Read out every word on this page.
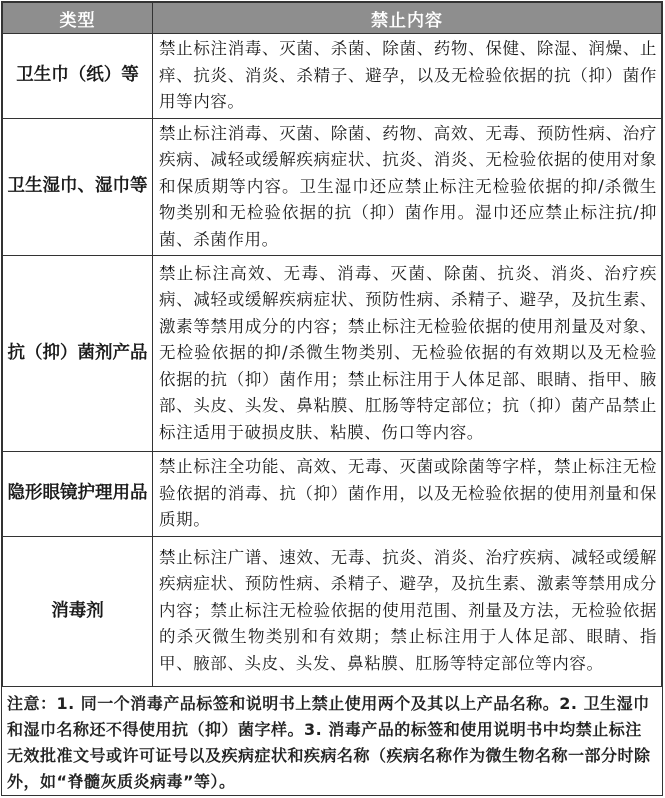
类型	禁止内容
卫生巾（纸）等	禁止标注消毒、灭菌、杀菌、除菌、药物、保健、除湿、润燥、止痒、抗炎、消炎、杀精子、避孕，以及无检验依据的抗（抑）菌作用等内容。
卫生湿巾、湿巾等	禁止标注消毒、灭菌、除菌、药物、高效、无毒、预防性病、治疗疾病、减轻或缓解疾病症状、抗炎、消炎、无检验依据的使用对象和保质期等内容。卫生湿巾还应禁止标注无检验依据的抑/杀微生物类别和无检验依据的抗（抑）菌作用。湿巾还应禁止标注抗/抑菌、杀菌作用。
抗（抑）菌剂产品	禁止标注高效、无毒、消毒、灭菌、除菌、抗炎、消炎、治疗疾病、减轻或缓解疾病症状、预防性病、杀精子、避孕，及抗生素、激素等禁用成分的内容；禁止标注无检验依据的使用剂量及对象、无检验依据的抑/杀微生物类别、无检验依据的有效期以及无检验依据的抗（抑）菌作用；禁止标注用于人体足部、眼睛、指甲、腋部、头皮、头发、鼻粘膜、肛肠等特定部位；抗（抑）菌产品禁止标注适用于破损皮肤、粘膜、伤口等内容。
隐形眼镜护理用品	禁止标注全功能、高效、无毒、灭菌或除菌等字样，禁止标注无检验依据的消毒、抗（抑）菌作用，以及无检验依据的使用剂量和保质期。
消毒剂	禁止标注广谱、速效、无毒、抗炎、消炎、治疗疾病、减轻或缓解疾病症状、预防性病、杀精子、避孕，及抗生素、激素等禁用成分内容；禁止标注无检验依据的使用范围、剂量及方法，无检验依据的杀灭微生物类别和有效期；禁止标注用于人体足部、眼睛、指甲、腋部、头皮、头发、鼻粘膜、肛肠等特定部位等内容。
注意：1. 同一个消毒产品标签和说明书上禁止使用两个及其以上产品名称。2. 卫生湿巾和湿巾名称还不得使用抗（抑）菌字样。3. 消毒产品的标签和使用说明书中均禁止标注无效批准文号或许可证号以及疾病症状和疾病名称（疾病名称作为微生物名称一部分时除外，如“脊髓灰质炎病毒”等）。
